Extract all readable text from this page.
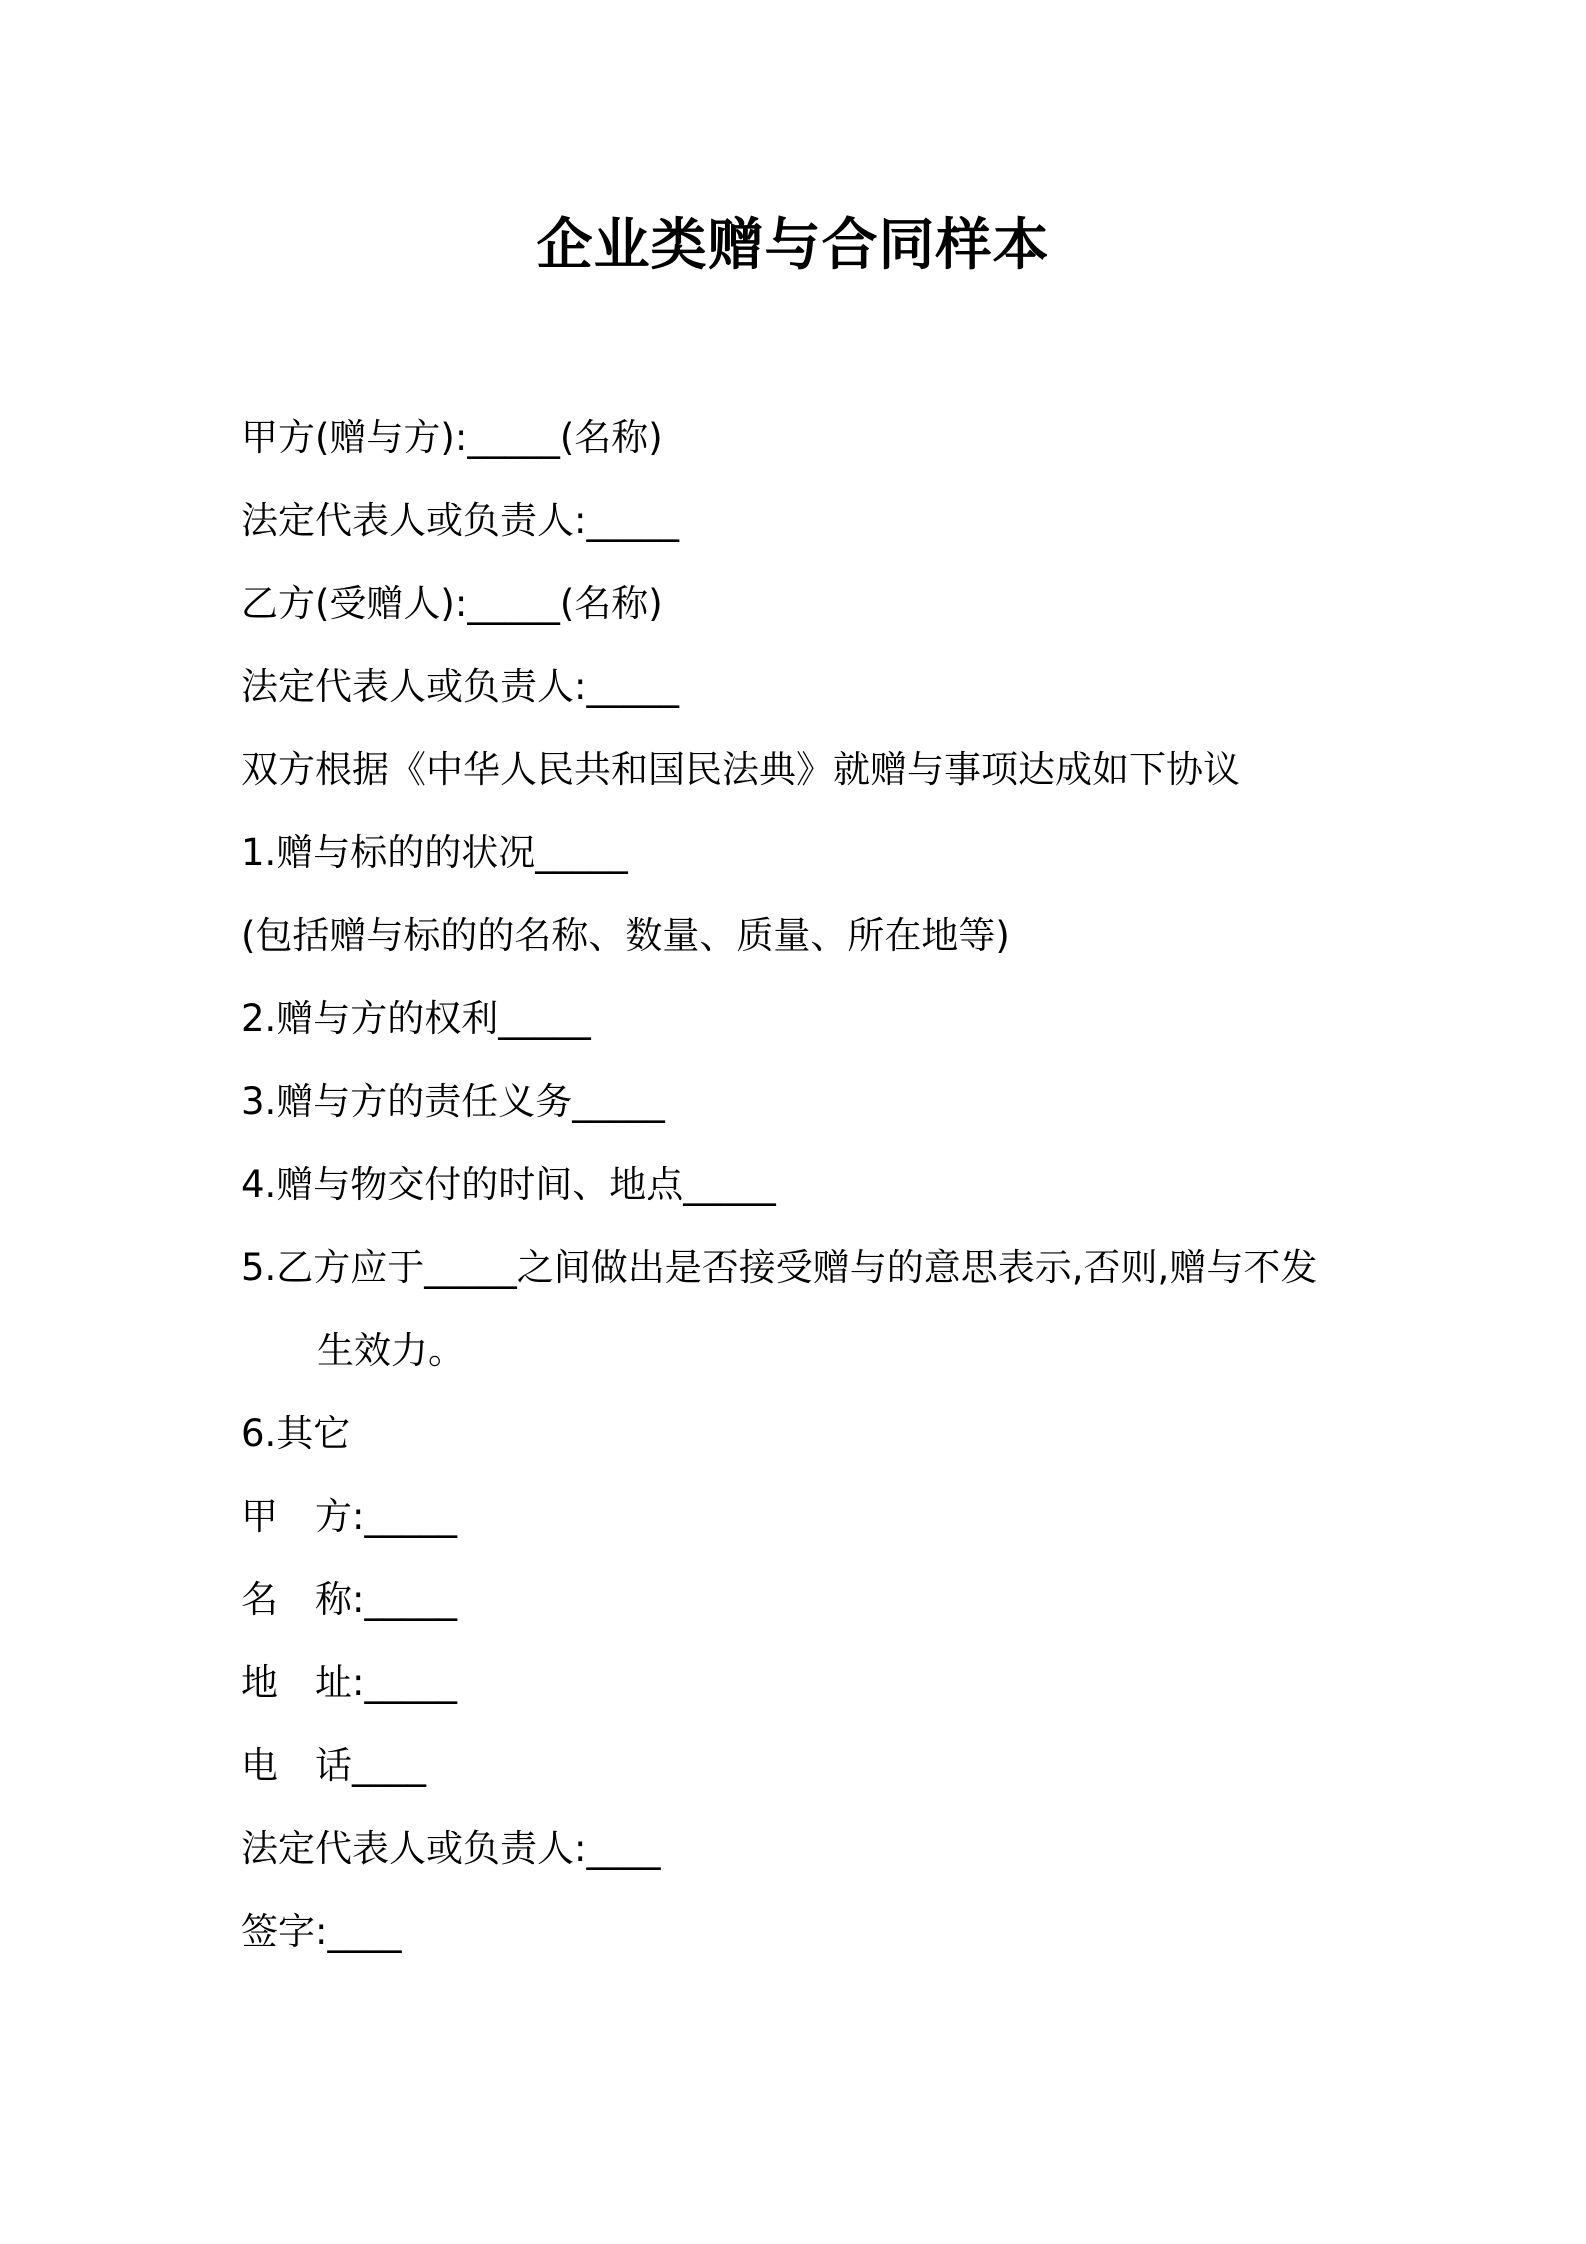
企业类赠与合同样本
甲方(赠与方):_____(名称)
法定代表人或负责人:_____
乙方(受赠人):_____(名称)
法定代表人或负责人:_____
双方根据《中华人民共和国民法典》就赠与事项达成如下协议
1.赠与标的的状况_____
(包括赠与标的的名称、数量、质量、所在地等)
2.赠与方的权利_____
3.赠与方的责任义务_____
4.赠与物交付的时间、地点_____
5.乙方应于_____之间做出是否接受赠与的意思表示,否则,赠与不发
生效力。
6.其它
甲　方:_____
名　称:_____
地　址:_____
电　话____
法定代表人或负责人:____
签字:____
